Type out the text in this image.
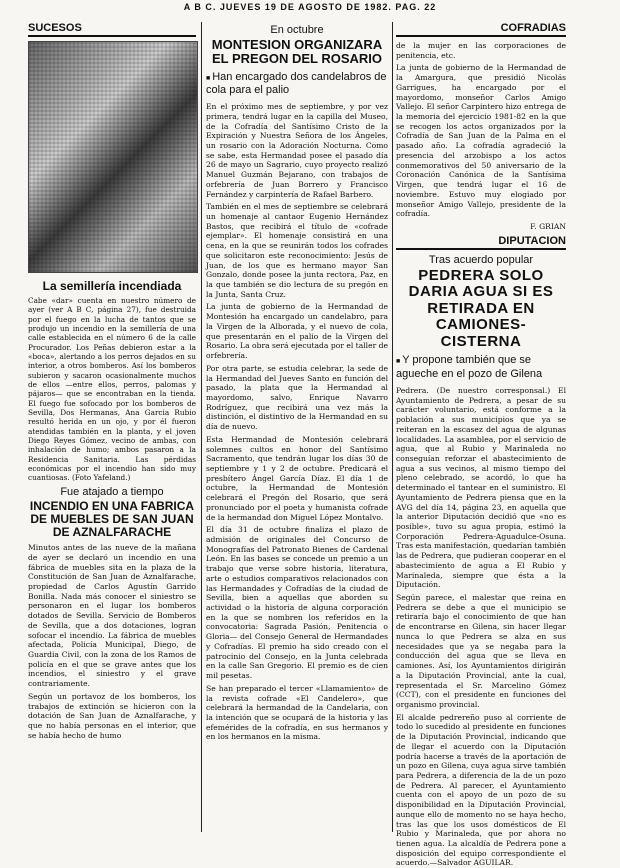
A B C. JUEVES 19 DE AGOSTO DE 1982. PAG. 22
SUCESOS
La semillería incendiada

Cabe «dar» cuenta en nuestro número de ayer (ver A B C, página 27), fue destruida por el fuego en la lucha de tantos que se produjo un incendio en la semillería de una calle establecida en el número 6 de la calle Procurador. Los Peñas debieron estar a la «boca», alertando a los perros dejados en su interior, a otros bomberos. Así los bomberos subieron y sacaron ocasionalmente muchos de ellos —entre ellos, perros, palomas y pájaros— que se encontraban en la tienda. El fuego fue sofocado por los bomberos de Sevilla, Dos Hermanas, Ana Garcia Rubio resultó herida en un ojo, y por él fueron atendidas también en la planta, y el joven Diego Reyes Gómez, vecino de ambas, con inhalación de humo; ambos pasaron a la Residencia Sanitaria. Las pérdidas económicas por el incendio han sido muy cuantiosas. (Foto Yafeland.)

Fue atajado a tiempo
INCENDIO EN UNA FABRICA DE MUEBLES DE SAN JUAN DE AZNALFARACHE

Minutos antes de las nueve de la mañana de ayer se declaró un incendio en una fábrica de muebles sita en la plaza de la Constitución de San Juan de Aznalfarache, propiedad de Carlos Agustín Garrido Bonilla. Nada más conocer el siniestro se personaron en el lugar los bomberos dotados de Sevilla. Servicio de Bomberos de Sevilla, que a dos dotaciones, logran sofocar el incendio. La fábrica de muebles afectada, Policía Municipal, Diego, de Guardia Civil, con la zona de los Ramos de policía en el que se grave antes que los incendios, el siniestro y el grave contrariamente.

Según un portavoz de los bomberos, los trabajos de extinción se hicieron con la dotación de San Juan de Aznalfarache, y que no había personas en el interior, que se había hecho de humo

En octubre
MONTESION ORGANIZARA EL PREGON DEL ROSARIO
■ Han encargado dos candelabros de cola para el palio

En el próximo mes de septiembre, y por vez primera, tendrá lugar en la capilla del Museo, de la Cofradía del Santísimo Cristo de la Expiración y Nuestra Señora de los Ángeles, un rosario con la Adoración Nocturna. Como se sabe, esta Hermandad posee el pasado día 26 de mayo un Sagrario, cuyo proyecto realizó Manuel Guzmán Bejarano, con trabajos de orfebrería de Juan Borrero y Francisco Fernández y carpintería de Rafael Barbero.

También en el mes de septiembre se celebrará un homenaje al cantaor Eugenio Hernández Bastos, que recibirá el título de «cofrade ejemplar». El homenaje consistirá en una cena, en la que se reunirán todos los cofrades que solicitaron este reconocimiento: Jesús de Juan, de los que es hermano mayor San Gonzalo, donde posee la junta rectora, Paz, en la que también se dio lectura de su pregón en la Junta, Santa Cruz.

La junta de gobierno de la Hermandad de Montesión ha encargado un candelabro, para la Virgen de la Alborada, y el nuevo de cola, que presentarán en el palio de la Virgen del Rosario. La obra será ejecutada por el taller de orfebrería.

Por otra parte, se estudia celebrar, la sede de la Hermandad del Jueves Santo en función del pasado, la plata que la Hermandad al mayordomo, salvo, Enrique Navarro Rodríguez, que recibirá una vez más la distinción, el distintivo de la Hermandad en su día de nuevo.

Esta Hermandad de Montesión celebrará solemnes cultos en honor del Santísimo Sacramento, que tendrán lugar los días 30 de septiembre y 1 y 2 de octubre. Predicará el presbítero Ángel García Díaz. El día 1 de octubre, la Hermandad de Montesión celebrará el Pregón del Rosario, que será pronunciado por el poeta y humanista cofrade de la hermandad don Miguel López Montalvo.

El día 31 de octubre finaliza el plazo de admisión de originales del Concurso de Monografías del Patronato Bienes de Cardenal León. En las bases se concede un premio a un trabajo que verse sobre historia, literatura, arte o estudios comparativos relacionados con las Hermandades y Cofradías de la ciudad de Sevilla, bien a aquellas que aborden su actividad o la historia de alguna corporación en la que se nombren los referidos en la convocatoria: Sagrada Pasión, Penitencia o Gloria— del Consejo General de Hermandades y Cofradías. El premio ha sido creado con el patrocinio del Consejo, en la Junta celebrada en la calle San Gregorio. El premio es de cien mil pesetas.

Se han preparado el tercer «Llamamiento» de la revista cofrade «El Candelero», que celebrará la hermandad de la Candelaria, con la intención que se ocupará de la historia y las efemérides de la cofradía, en sus hermanos y en los hermanos en la misma.

COFRADIAS

de la mujer en las corporaciones de penitencia, etc.

La junta de gobierno de la Hermandad de la Amargura, que presidió Nicolás Garrigues, ha encargado por el mayordomo, monseñor Carlos Amigo Vallejo. El señor Carpintero hizo entrega de la memoria del ejercicio 1981-82 en la que se recogen los actos organizados por la Cofradía de San Juan de la Palma en el pasado año. La cofradía agradeció la presencia del arzobispo a los actos conmemorativos del 50 aniversario de la Coronación Canónica de la Santísima Virgen, que tendrá lugar el 16 de noviembre. Estuvo muy elogiado por monseñor Amigo Vallejo, presidente de la cofradía.

F. GRIAN
DIPUTACION
Tras acuerdo popular
PEDRERA SOLO DARIA AGUA SI ES RETIRADA EN CAMIONES-CISTERNA
■ Y propone también que se agueche en el pozo de Gilena

Pedrera. (De nuestro corresponsal.) El Ayuntamiento de Pedrera, a pesar de su carácter voluntario, está conforme a la población a sus municipios que ya se reiteran en la escasez del agua de algunas localidades. La asamblea, por el servicio de agua, que al Rubio y Marinaleda no conseguían reforzar el abastecimiento de agua a sus vecinos, al mismo tiempo del pleno celebrado, se acordó, lo que ha determinado el tantear en el suministro. El Ayuntamiento de Pedrera piensa que en la AVG del día 14, página 23, en aquella que la anterior Diputación decidió que «no es posible», tuvo su agua propia, estimó la Corporación Pedrera-Aguadulce-Osuna. Tras esta manifestación, quedarían también las de Pedrera, que pudieran cooperar en el abastecimiento de agua a El Rubio y Marinaleda, siempre que ésta a la Diputación.

Según parece, el malestar que reina en Pedrera se debe a que el municipio se retiraría bajo el conocimiento de que han de encontrarse en Gilena, sin hacer llegar nunca lo que Pedrera se alza en sus necesidades que ya se negaba para la conducción del agua que se lleva en camiones. Así, los Ayuntamientos dirigirán a la Diputación Provincial, ante la cual, representada el Sr. Marcelino Gómez (CCT), con el presidente en funciones del organismo provincial.

El alcalde pedrereño puso al corriente de todo lo sucedido al presidente en funciones de la Diputación Provincial, indicando que de llegar el acuerdo con la Diputación podría hacerse a través de la aportación de un pozo en Gilena, cuya agua sirve también para Pedrera, a diferencia de la de un pozo de Pedrera. Al parecer, el Ayuntamiento cuenta con el apoyo de un pozo de su disponibilidad en la Diputación Provincial, aunque ello de momento no se haya hecho, tras las que los usos domésticos de El Rubio y Marinaleda, que por ahora no tienen agua. La alcaldía de Pedrera pone a disposición del equipo correspondiente el acuerdo.—Salvador AGUILAR.
